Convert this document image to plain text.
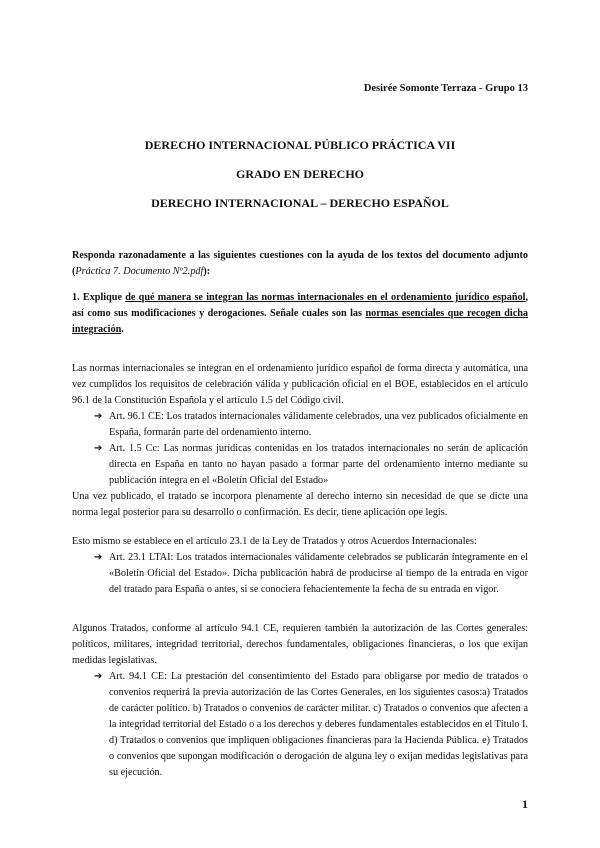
Desirée Somonte Terraza - Grupo 13
DERECHO INTERNACIONAL PÚBLICO PRÁCTICA VII
GRADO EN DERECHO
DERECHO INTERNACIONAL – DERECHO ESPAÑOL

Responda razonadamente a las siguientes cuestiones con la ayuda de los textos del documento adjunto (Práctica 7. Documento Nº2.pdf):

1. Explique de qué manera se integran las normas internacionales en el ordenamiento jurídico español, así como sus modificaciones y derogaciones. Señale cuales son las normas esenciales que recogen dicha integración.

Las normas internacionales se integran en el ordenamiento jurídico español de forma directa y automática, una vez cumplidos los requisitos de celebración válida y publicación oficial en el BOE, establecidos en el artículo 96.1 de la Constitución Española y el artículo 1.5 del Código civil.

➔ Art. 96.1 CE: Los tratados internacionales válidamente celebrados, una vez publicados oficialmente en España, formarán parte del ordenamiento interno.
➔ Art. 1.5 Cc: Las normas jurídicas contenidas en los tratados internacionales no serán de aplicación directa en España en tanto no hayan pasado a formar parte del ordenamiento interno mediante su publicación íntegra en el «Boletín Oficial del Estado»

Una vez publicado, el tratado se incorpora plenamente al derecho interno sin necesidad de que se dicte una norma legal posterior para su desarrollo o confirmación. Es decir, tiene aplicación ope legis.

Esto mismo se establece en el artículo 23.1 de la Ley de Tratados y otros Acuerdos Internacionales:

➔ Art. 23.1 LTAI: Los tratados internacionales válidamente celebrados se publicarán íntegramente en el «Boletín Oficial del Estado». Dicha publicación habrá de producirse al tiempo de la entrada en vigor del tratado para España o antes, si se conociera fehacientemente la fecha de su entrada en vigor.

Algunos Tratados, conforme al artículo 94.1 CE, requieren también la autorización de las Cortes generales: políticos, militares, integridad territorial, derechos fundamentales, obligaciones financieras, o los que exijan medidas legislativas.

➔ Art. 94.1 CE: La prestación del consentimiento del Estado para obligarse por medio de tratados o convenios requerirá la previa autorización de las Cortes Generales, en los siguientes casos:a) Tratados de carácter político. b) Tratados o convenios de carácter militar. c) Tratados o convenios que afecten a la integridad territorial del Estado o a los derechos y deberes fundamentales establecidos en el Título I. d) Tratados o convenios que impliquen obligaciones financieras para la Hacienda Pública. e) Tratados o convenios que supongan modificación o derogación de alguna ley o exijan medidas legislativas para su ejecución.
1
